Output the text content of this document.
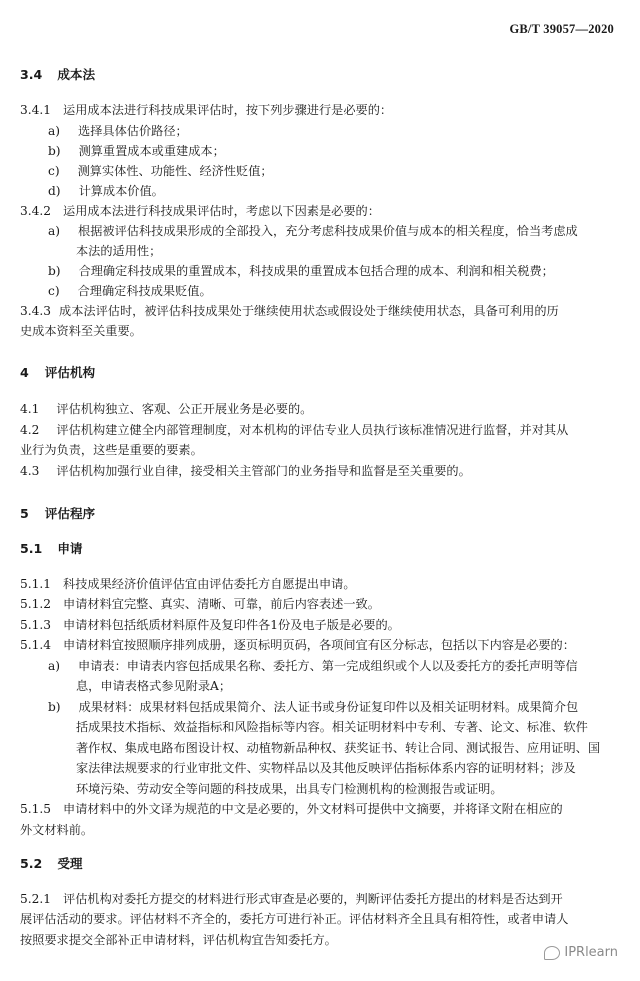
GB/T 39057—2020
3.4 成本法
3.4.1 运用成本法进行科技成果评估时，按下列步骤进行是必要的：
a) 选择具体估价路径；
b) 测算重置成本或重建成本；
c) 测算实体性、功能性、经济性贬值；
d) 计算成本价值。
3.4.2 运用成本法进行科技成果评估时，考虑以下因素是必要的：
a) 根据被评估科技成果形成的全部投入，充分考虑科技成果价值与成本的相关程度，恰当考虑成
本法的适用性；
b) 合理确定科技成果的重置成本，科技成果的重置成本包括合理的成本、利润和相关税费；
c) 合理确定科技成果贬值。
3.4.3 成本法评估时，被评估科技成果处于继续使用状态或假设处于继续使用状态，具备可利用的历
史成本资料至关重要。
4 评估机构
4.1 评估机构独立、客观、公正开展业务是必要的。
4.2 评估机构建立健全内部管理制度，对本机构的评估专业人员执行该标准情况进行监督，并对其从
业行为负责，这些是重要的要素。
4.3 评估机构加强行业自律，接受相关主管部门的业务指导和监督是至关重要的。
5 评估程序
5.1 申请
5.1.1 科技成果经济价值评估宜由评估委托方自愿提出申请。
5.1.2 申请材料宜完整、真实、清晰、可靠，前后内容表述一致。
5.1.3 申请材料包括纸质材料原件及复印件各1份及电子版是必要的。
5.1.4 申请材料宜按照顺序排列成册，逐页标明页码，各项间宜有区分标志，包括以下内容是必要的：
a) 申请表：申请表内容包括成果名称、委托方、第一完成组织或个人以及委托方的委托声明等信
息，申请表格式参见附录A；
b) 成果材料：成果材料包括成果简介、法人证书或身份证复印件以及相关证明材料。成果简介包
括成果技术指标、效益指标和风险指标等内容。相关证明材料中专利、专著、论文、标准、软件
著作权、集成电路布图设计权、动植物新品种权、获奖证书、转让合同、测试报告、应用证明、国
家法律法规要求的行业审批文件、实物样品以及其他反映评估指标体系内容的证明材料；涉及
环境污染、劳动安全等问题的科技成果，出具专门检测机构的检测报告或证明。
5.1.5 申请材料中的外文译为规范的中文是必要的，外文材料可提供中文摘要，并将译文附在相应的
外文材料前。
5.2 受理
5.2.1 评估机构对委托方提交的材料进行形式审查是必要的，判断评估委托方提出的材料是否达到开
展评估活动的要求。评估材料不齐全的，委托方可进行补正。评估材料齐全且具有相符性，或者申请人
按照要求提交全部补正申请材料，评估机构宜告知委托方。
IPRlearn
